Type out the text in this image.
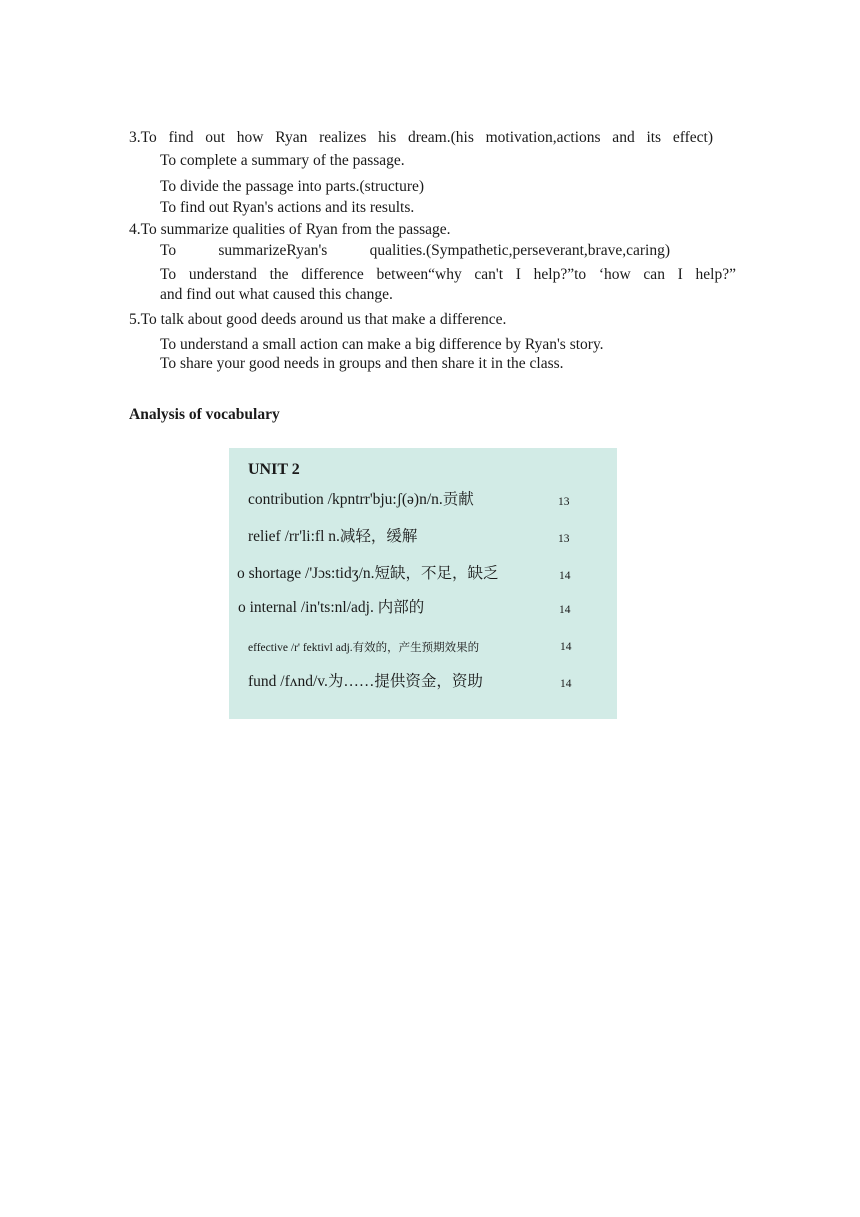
3.To find out how Ryan realizes his dream.(his motivation,actions and its effect)
To complete a summary of the passage.
To divide the passage into parts.(structure)
To find out Ryan's actions and its results.
4.To summarize qualities of Ryan from the passage.
To summarizeRyan's qualities.(Sympathetic,perseverant,brave,caring)
To understand the difference between“why can't I help?”to ‘how can I help?”
and find out what caused this change.
5.To talk about good deeds around us that make a difference.
To understand a small action can make a big difference by Ryan's story.
To share your good needs in groups and then share it in the class.
Analysis of vocabulary
UNIT 2
contribution /kpntrr'bju:ʃ(ə)n/n.贡献	13
relief /rr'li:fl n.减轻，缓解	13
o shortage /'Jɔs:tidʒ/n.短缺，不足，缺乏	14
o internal /in'ts:nl/adj. 内部的	14
effective /r' fektivl adj.有效的，产生预期效果的	14
fund /fʌnd/v.为……提供资金，资助	14
